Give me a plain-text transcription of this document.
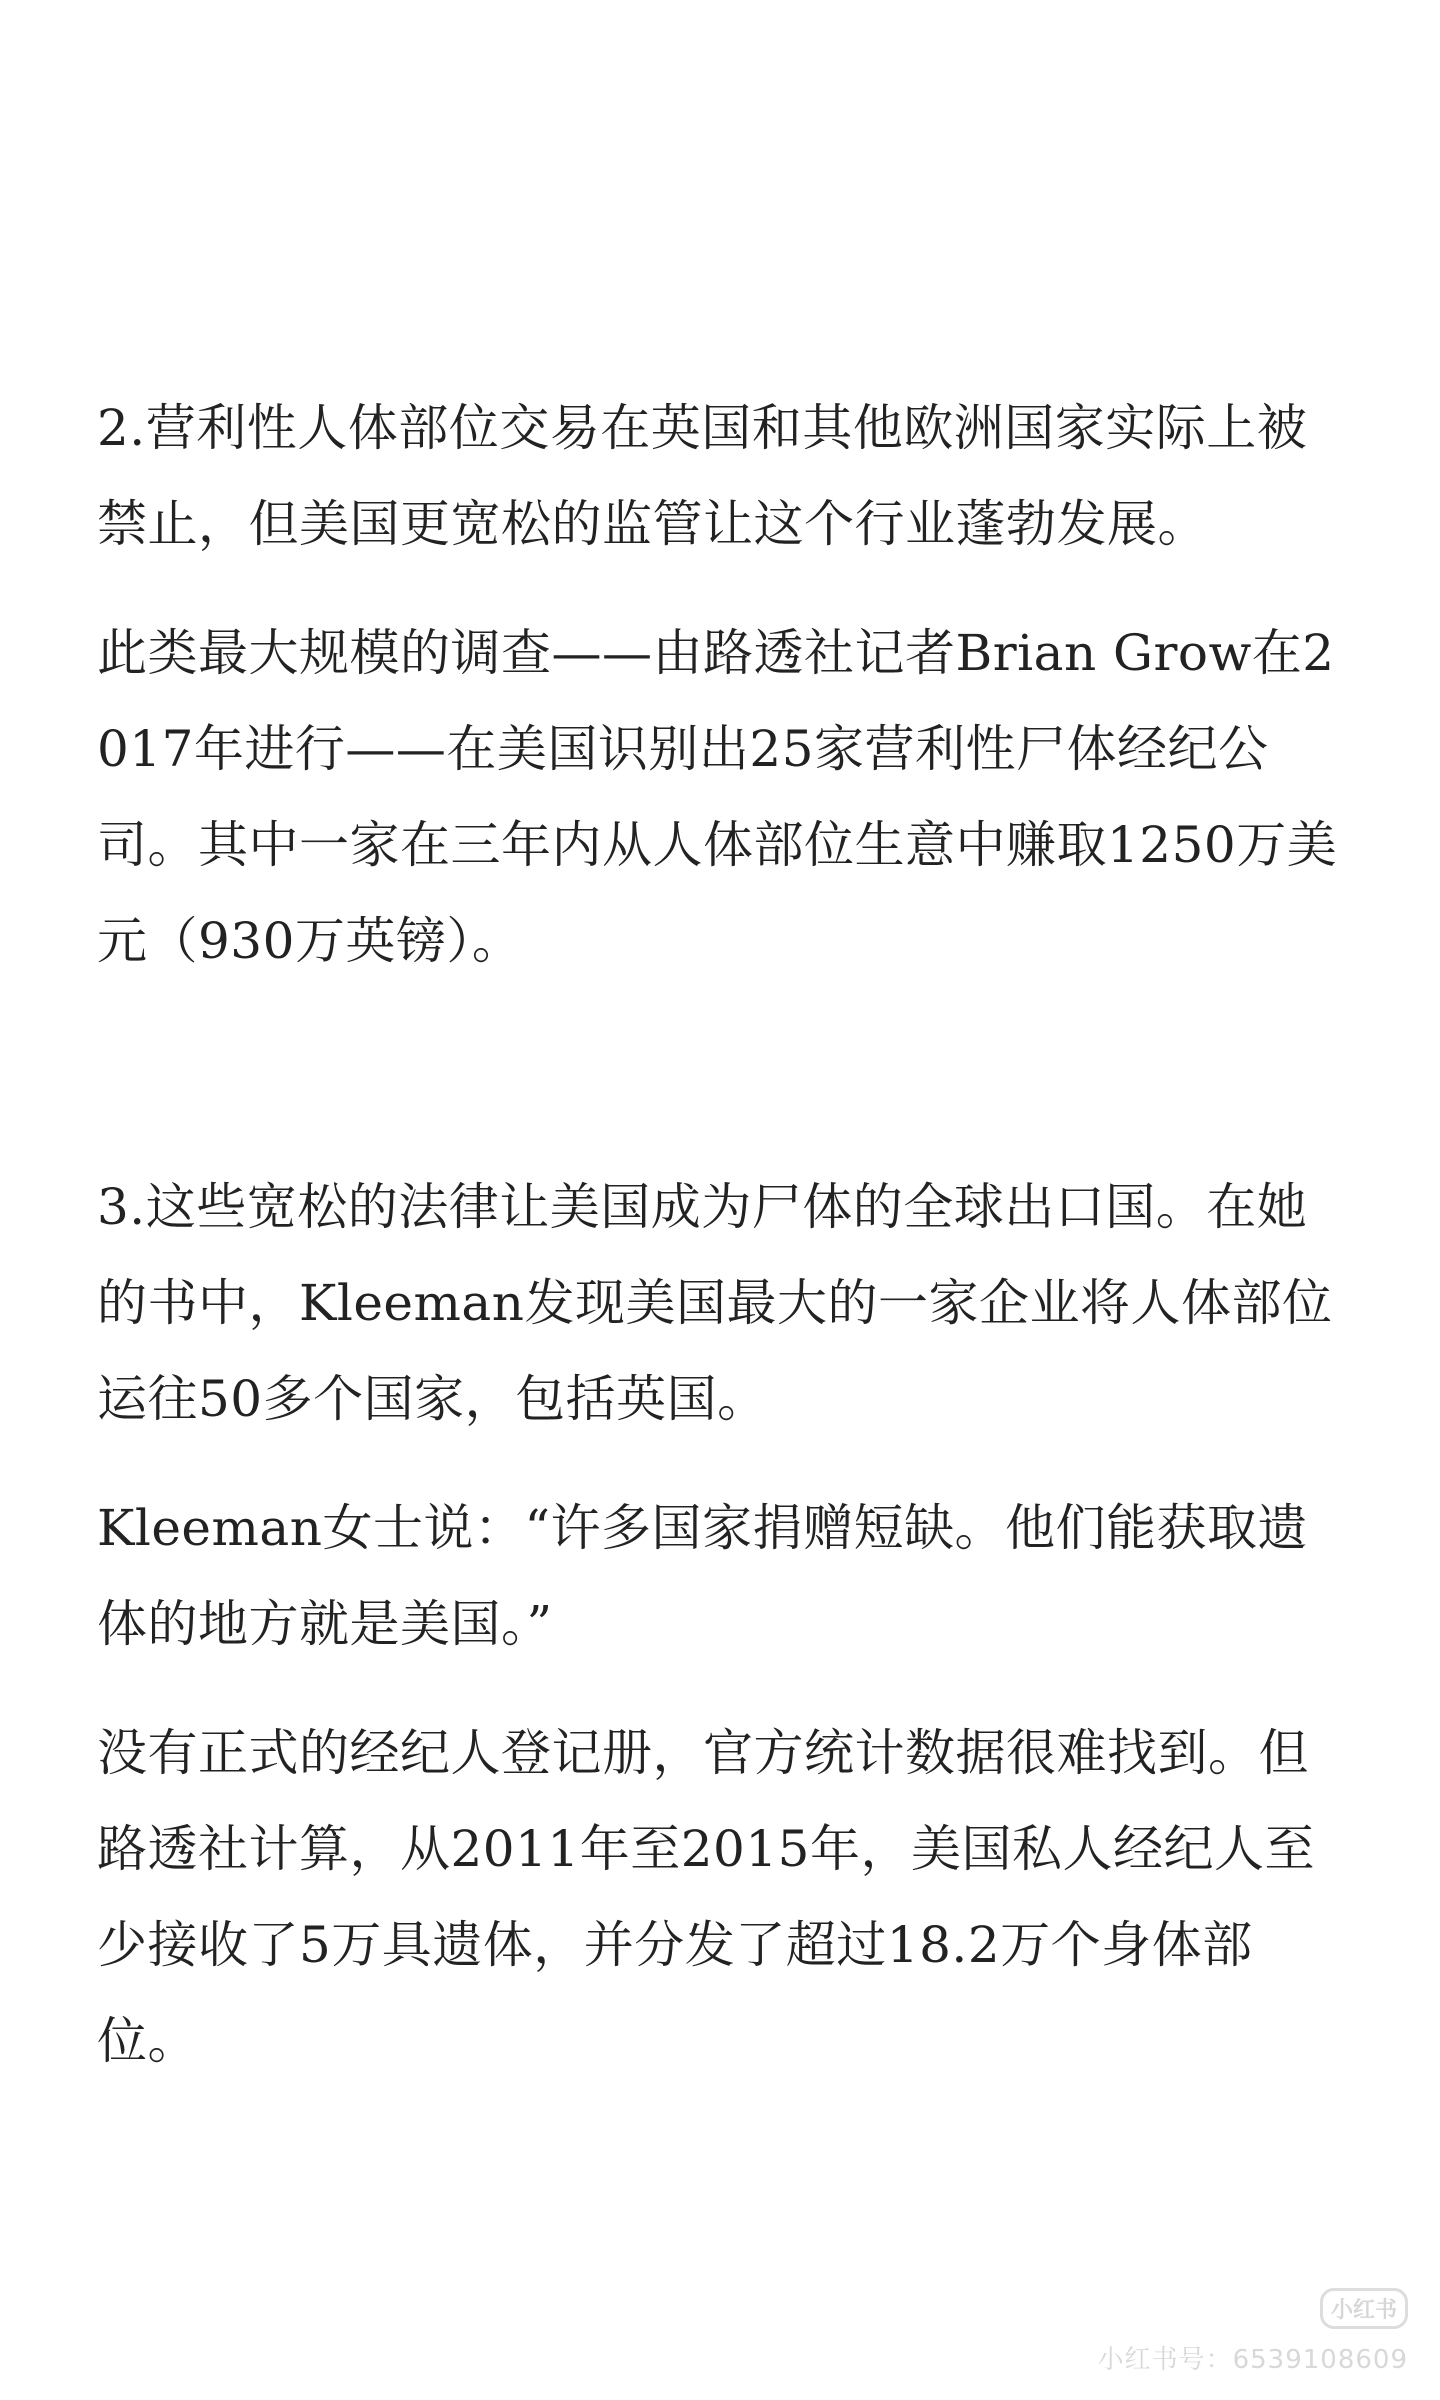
2.营利性人体部位交易在英国和其他欧洲国家实际上被禁止，但美国更宽松的监管让这个行业蓬勃发展。

此类最大规模的调查——由路透社记者Brian Grow在2017年进行——在美国识别出25家营利性尸体经纪公司。其中一家在三年内从人体部位生意中赚取1250万美元（930万英镑）。

3.这些宽松的法律让美国成为尸体的全球出口国。在她的书中，Kleeman发现美国最大的一家企业将人体部位运往50多个国家，包括英国。

Kleeman女士说：“许多国家捐赠短缺。他们能获取遗体的地方就是美国。”

没有正式的经纪人登记册，官方统计数据很难找到。但路透社计算，从2011年至2015年，美国私人经纪人至少接收了5万具遗体，并分发了超过18.2万个身体部位。

小红书
小红书号：6539108609
